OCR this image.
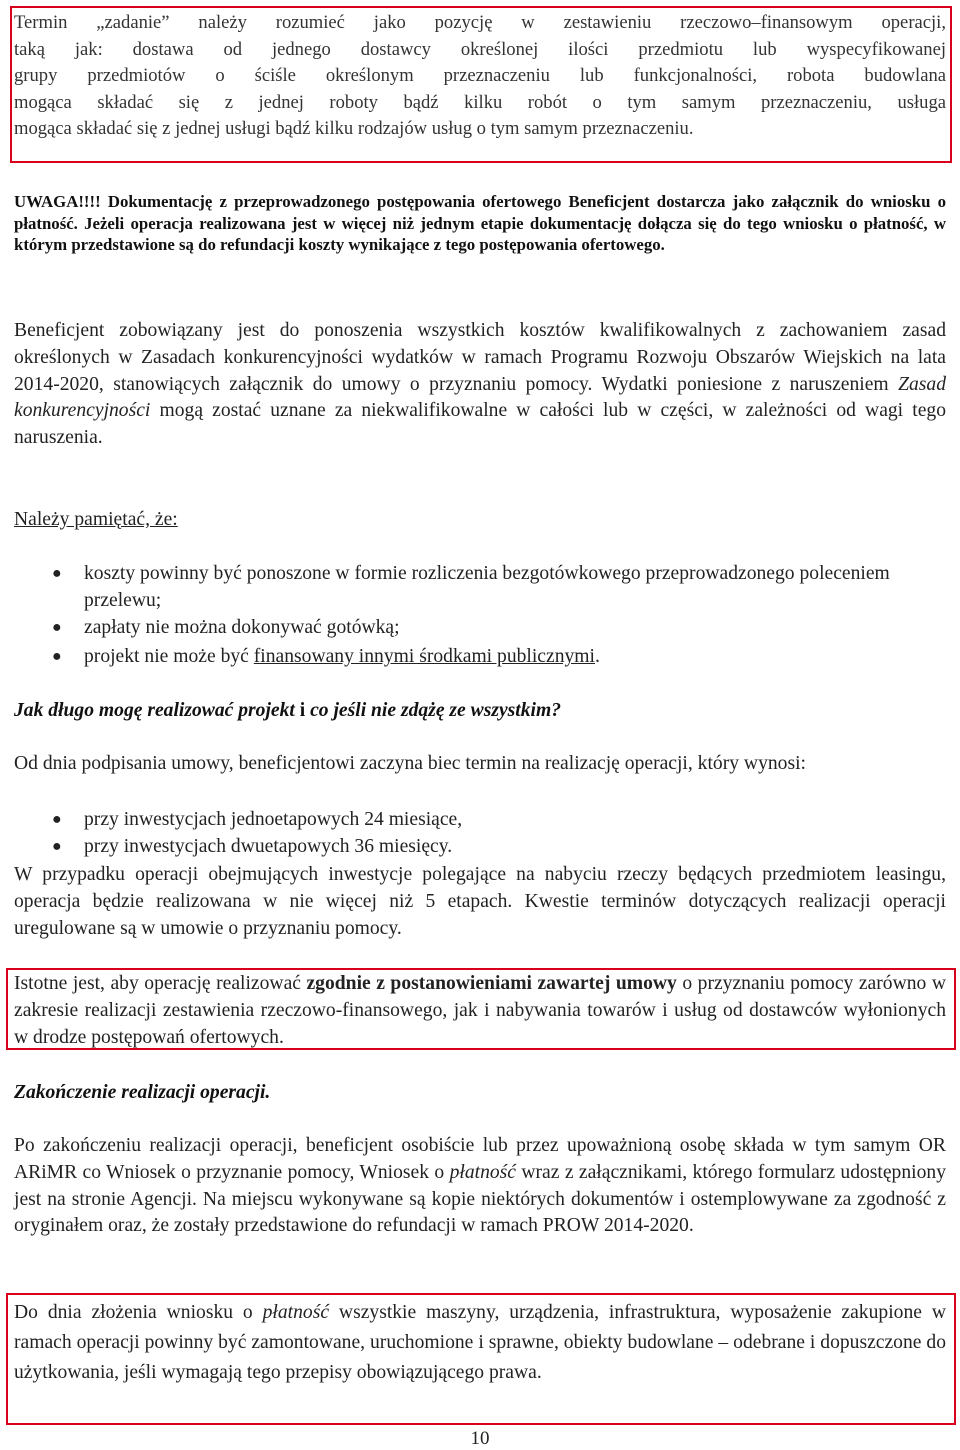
Termin „zadanie” należy rozumieć jako pozycję w zestawieniu rzeczowo–finansowym operacji,
taką jak: dostawa od jednego dostawcy określonej ilości przedmiotu lub wyspecyfikowanej
grupy przedmiotów o ściśle określonym przeznaczeniu lub funkcjonalności, robota budowlana
mogąca składać się z jednej roboty bądź kilku robót o tym samym przeznaczeniu, usługa
mogąca składać się z jednej usługi bądź kilku rodzajów usług o tym samym przeznaczeniu.

UWAGA!!!! Dokumentację z przeprowadzonego postępowania ofertowego Beneficjent dostarcza jako załącznik do wniosku o płatność. Jeżeli operacja realizowana jest w więcej niż jednym etapie dokumentację dołącza się do tego wniosku o płatność, w którym przedstawione są do refundacji koszty wynikające z tego postępowania ofertowego.

Beneficjent zobowiązany jest do ponoszenia wszystkich kosztów kwalifikowalnych z zachowaniem zasad określonych w Zasadach konkurencyjności wydatków w ramach Programu Rozwoju Obszarów Wiejskich na lata 2014-2020, stanowiących załącznik do umowy o przyznaniu pomocy. Wydatki poniesione z naruszeniem Zasad konkurencyjności mogą zostać uznane za niekwalifikowalne w całości lub w części, w zależności od wagi tego naruszenia.

Należy pamiętać, że:

● koszty powinny być ponoszone w formie rozliczenia bezgotówkowego przeprowadzonego poleceniem przelewu;
● zapłaty nie można dokonywać gotówką;
● projekt nie może być finansowany innymi środkami publicznymi.

Jak długo mogę realizować projekt i co jeśli nie zdążę ze wszystkim?

Od dnia podpisania umowy, beneficjentowi zaczyna biec termin na realizację operacji, który wynosi:

● przy inwestycjach jednoetapowych 24 miesiące,
● przy inwestycjach dwuetapowych 36 miesięcy.

W przypadku operacji obejmujących inwestycje polegające na nabyciu rzeczy będących przedmiotem leasingu, operacja będzie realizowana w nie więcej niż 5 etapach. Kwestie terminów dotyczących realizacji operacji uregulowane są w umowie o przyznaniu pomocy.

Istotne jest, aby operację realizować zgodnie z postanowieniami zawartej umowy o przyznaniu pomocy zarówno w zakresie realizacji zestawienia rzeczowo-finansowego, jak i nabywania towarów i usług od dostawców wyłonionych w drodze postępowań ofertowych.

Zakończenie realizacji operacji.

Po zakończeniu realizacji operacji, beneficjent osobiście lub przez upoważnioną osobę składa w tym samym OR ARiMR co Wniosek o przyznanie pomocy, Wniosek o płatność wraz z załącznikami, którego formularz udostępniony jest na stronie Agencji. Na miejscu wykonywane są kopie niektórych dokumentów i ostemplowywane za zgodność z oryginałem oraz, że zostały przedstawione do refundacji w ramach PROW 2014-2020.

Do dnia złożenia wniosku o płatność wszystkie maszyny, urządzenia, infrastruktura, wyposażenie zakupione w ramach operacji powinny być zamontowane, uruchomione i sprawne, obiekty budowlane – odebrane i dopuszczone do użytkowania, jeśli wymagają tego przepisy obowiązującego prawa.

10
